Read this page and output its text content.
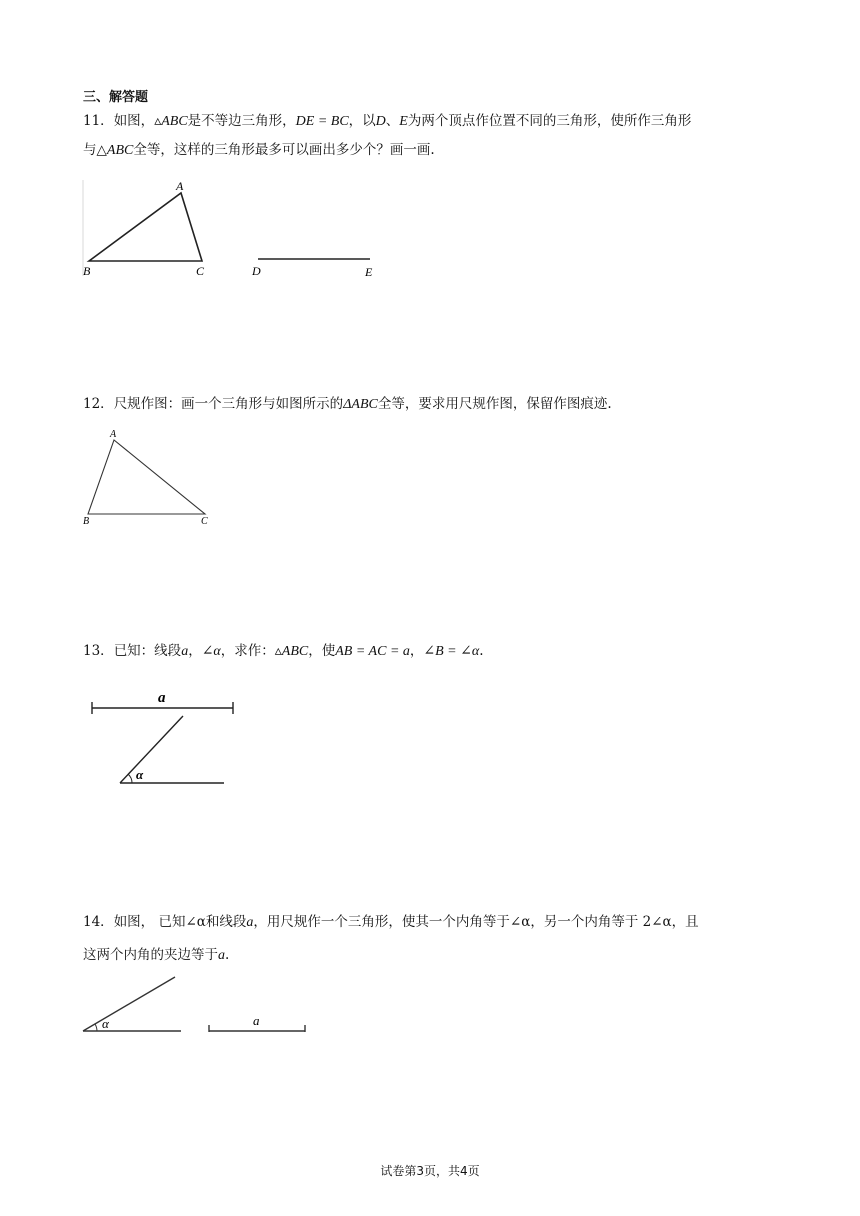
三、解答题
11．如图，▵ABC是不等边三角形，DE = BC，以D、E为两个顶点作位置不同的三角形，使所作三角形
与△ABC全等，这样的三角形最多可以画出多少个？画一画.
A
B	C	D	E
A
B	C
a
α
α	a
12．尺规作图：画一个三角形与如图所示的ΔABC全等，要求用尺规作图，保留作图痕迹.
13．已知：线段a，∠α，求作：▵ABC，使AB = AC = a，∠B = ∠α.
14．如图， 已知∠α和线段a，用尺规作一个三角形，使其一个内角等于∠α，另一个内角等于 2∠α，且
这两个内角的夹边等于a.
试卷第3页，共4页
